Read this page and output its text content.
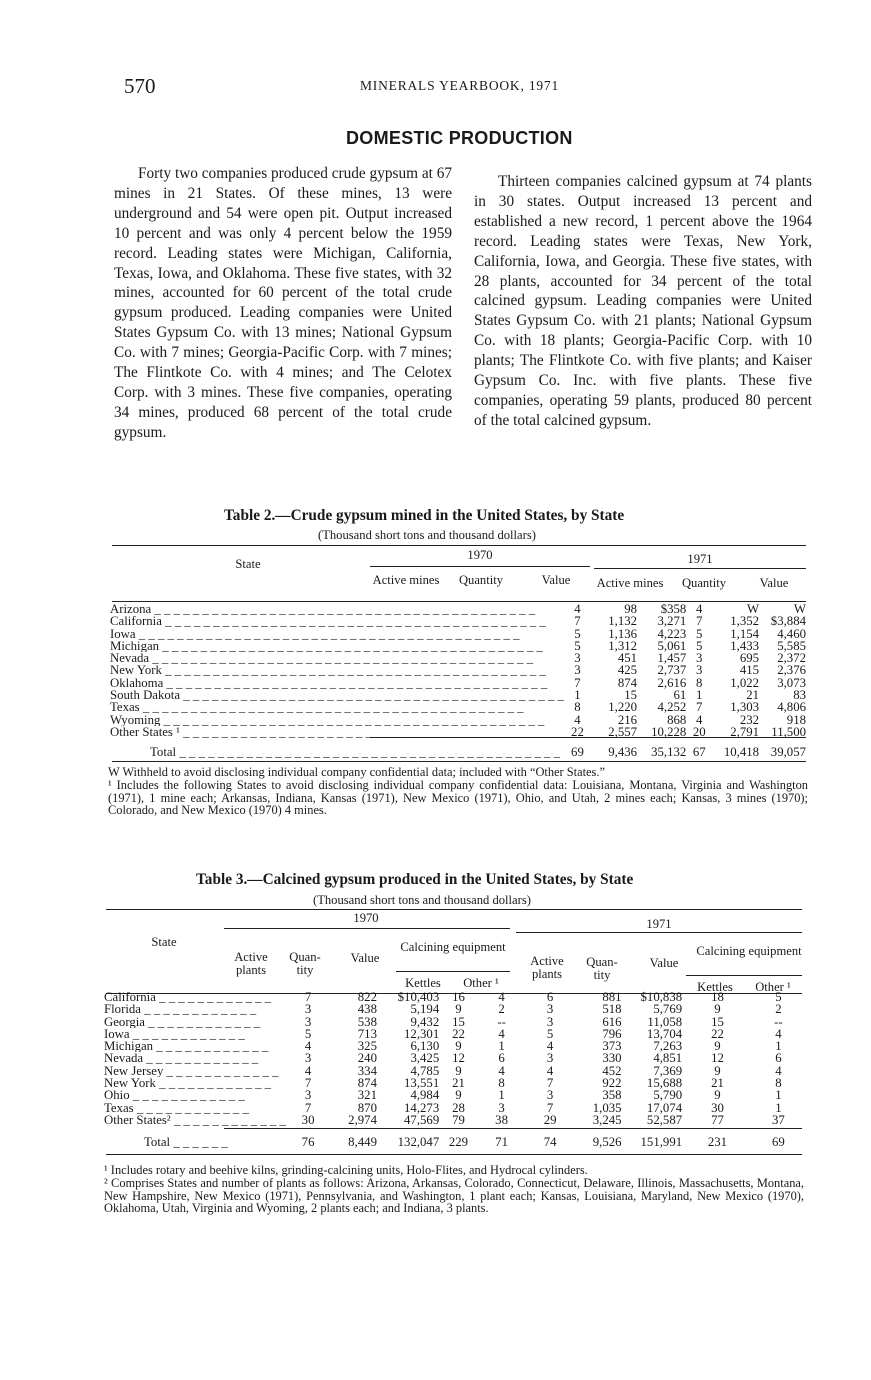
570	MINERALS YEARBOOK, 1971
DOMESTIC PRODUCTION

Forty two companies produced crude gypsum at 67 mines in 21 States. Of these mines, 13 were underground and 54 were open pit. Output increased 10 percent and was only 4 percent below the 1959 record. Leading states were Michigan, California, Texas, Iowa, and Oklahoma. These five states, with 32 mines, accounted for 60 percent of the total crude gypsum produced. Leading companies were United States Gypsum Co. with 13 mines; National Gypsum Co. with 7 mines; Georgia-Pacific Corp. with 7 mines; The Flintkote Co. with 4 mines; and The Celotex Corp. with 3 mines. These five companies, operating 34 mines, produced 68 percent of the total crude gypsum.

Thirteen companies calcined gypsum at 74 plants in 30 states. Output increased 13 percent and established a new record, 1 percent above the 1964 record. Leading states were Texas, New York, California, Iowa, and Georgia. These five states, with 28 plants, accounted for 34 percent of the total calcined gypsum. Leading companies were United States Gypsum Co. with 21 plants; National Gypsum Co. with 18 plants; Georgia-Pacific Corp. with 10 plants; The Flintkote Co. with five plants; and Kaiser Gypsum Co. Inc. with five plants. These five companies, operating 59 plants, produced 80 percent of the total calcined gypsum.

Table 2.—Crude gypsum mined in the United States, by State
(Thousand short tons and thousand dollars)
State
1970	1971
Active mines	Quantity	Value	Active mines	Quantity	Value
Arizona _ _ _ _ _ _ _ _ _ _ _ _ _ _ _ _ _ _ _ _ _ _ _ _ _ _ _ _ _ _ _ _ _ _ _ _ _ _ _ _	4	98	$358	4	W	W
California _ _ _ _ _ _ _ _ _ _ _ _ _ _ _ _ _ _ _ _ _ _ _ _ _ _ _ _ _ _ _ _ _ _ _ _ _ _ _ _	7	1,132	3,271	7	1,352	$3,884
Iowa _ _ _ _ _ _ _ _ _ _ _ _ _ _ _ _ _ _ _ _ _ _ _ _ _ _ _ _ _ _ _ _ _ _ _ _ _ _ _ _	5	1,136	4,223	5	1,154	4,460
Michigan _ _ _ _ _ _ _ _ _ _ _ _ _ _ _ _ _ _ _ _ _ _ _ _ _ _ _ _ _ _ _ _ _ _ _ _ _ _ _ _	5	1,312	5,061	5	1,433	5,585
Nevada _ _ _ _ _ _ _ _ _ _ _ _ _ _ _ _ _ _ _ _ _ _ _ _ _ _ _ _ _ _ _ _ _ _ _ _ _ _ _ _	3	451	1,457	3	695	2,372
New York _ _ _ _ _ _ _ _ _ _ _ _ _ _ _ _ _ _ _ _ _ _ _ _ _ _ _ _ _ _ _ _ _ _ _ _ _ _ _ _	3	425	2,737	3	415	2,376
Oklahoma _ _ _ _ _ _ _ _ _ _ _ _ _ _ _ _ _ _ _ _ _ _ _ _ _ _ _ _ _ _ _ _ _ _ _ _ _ _ _ _	7	874	2,616	8	1,022	3,073
South Dakota _ _ _ _ _ _ _ _ _ _ _ _ _ _ _ _ _ _ _ _ _ _ _ _ _ _ _ _ _ _ _ _ _ _ _ _ _ _ _ _	1	15	61	1	21	83
Texas _ _ _ _ _ _ _ _ _ _ _ _ _ _ _ _ _ _ _ _ _ _ _ _ _ _ _ _ _ _ _ _ _ _ _ _ _ _ _ _	8	1,220	4,252	7	1,303	4,806
Wyoming _ _ _ _ _ _ _ _ _ _ _ _ _ _ _ _ _ _ _ _ _ _ _ _ _ _ _ _ _ _ _ _ _ _ _ _ _ _ _ _	4	216	868	4	232	918
Other States ¹ _ _ _ _ _ _ _ _ _ _ _ _ _ _ _ _ _ _ _ _ _ _ _ _ _ _ _ _ _ _ _ _ _ _ _ _ _ _ _ _	22	2,557	10,228	20	2,791	11,500
Total _ _ _ _ _ _ _ _ _ _ _ _ _ _ _ _ _ _ _ _ _ _ _ _ _ _ _ _ _ _ _ _ _ _ _ _ _ _ _ _	69	9,436	35,132	67	10,418	39,057
W Withheld to avoid disclosing individual company confidential data; included with “Other States.”
¹ Includes the following States to avoid disclosing individual company confidential data: Louisiana, Montana, Virginia and Washington (1971), 1 mine each; Arkansas, Indiana, Kansas (1971), New Mexico (1971), Ohio, and Utah, 2 mines each; Kansas, 3 mines (1970); Colorado, and New Mexico (1970) 4 mines.
Table 3.—Calcined gypsum produced in the United States, by State
(Thousand short tons and thousand dollars)
State
1970	1971
Active plants
Quan- tity
Value
Calcining equipment
Kettles	Other ¹
Active plants
Quan- tity
Value
Calcining equipment
Kettles	Other ¹
California _ _ _ _ _ _ _ _ _ _ _ _	7	822	$10,403	16	4	6	881	$10,838	18	5
Florida _ _ _ _ _ _ _ _ _ _ _ _	3	438	5,194	9	2	3	518	5,769	9	2
Georgia _ _ _ _ _ _ _ _ _ _ _ _	3	538	9,432	15	--	3	616	11,058	15	--
Iowa _ _ _ _ _ _ _ _ _ _ _ _	5	713	12,301	22	4	5	796	13,704	22	4
Michigan _ _ _ _ _ _ _ _ _ _ _ _	4	325	6,130	9	1	4	373	7,263	9	1
Nevada _ _ _ _ _ _ _ _ _ _ _ _	3	240	3,425	12	6	3	330	4,851	12	6
New Jersey _ _ _ _ _ _ _ _ _ _ _ _	4	334	4,785	9	4	4	452	7,369	9	4
New York _ _ _ _ _ _ _ _ _ _ _ _	7	874	13,551	21	8	7	922	15,688	21	8
Ohio _ _ _ _ _ _ _ _ _ _ _ _	3	321	4,984	9	1	3	358	5,790	9	1
Texas _ _ _ _ _ _ _ _ _ _ _ _	7	870	14,273	28	3	7	1,035	17,074	30	1
Other States² _ _ _ _ _ _ _ _ _ _ _ _	30	2,974	47,569	79	38	29	3,245	52,587	77	37
Total _ _ _ _ _ _	76	8,449	132,047	229	71	74	9,526	151,991	231	69
¹ Includes rotary and beehive kilns, grinding-calcining units, Holo-Flites, and Hydrocal cylinders.
² Comprises States and number of plants as follows: Arizona, Arkansas, Colorado, Connecticut, Delaware, Illinois, Massachusetts, Montana, New Hampshire, New Mexico (1971), Pennsylvania, and Washington, 1 plant each; Kansas, Louisiana, Maryland, New Mexico (1970), Oklahoma, Utah, Virginia and Wyoming, 2 plants each; and Indiana, 3 plants.
